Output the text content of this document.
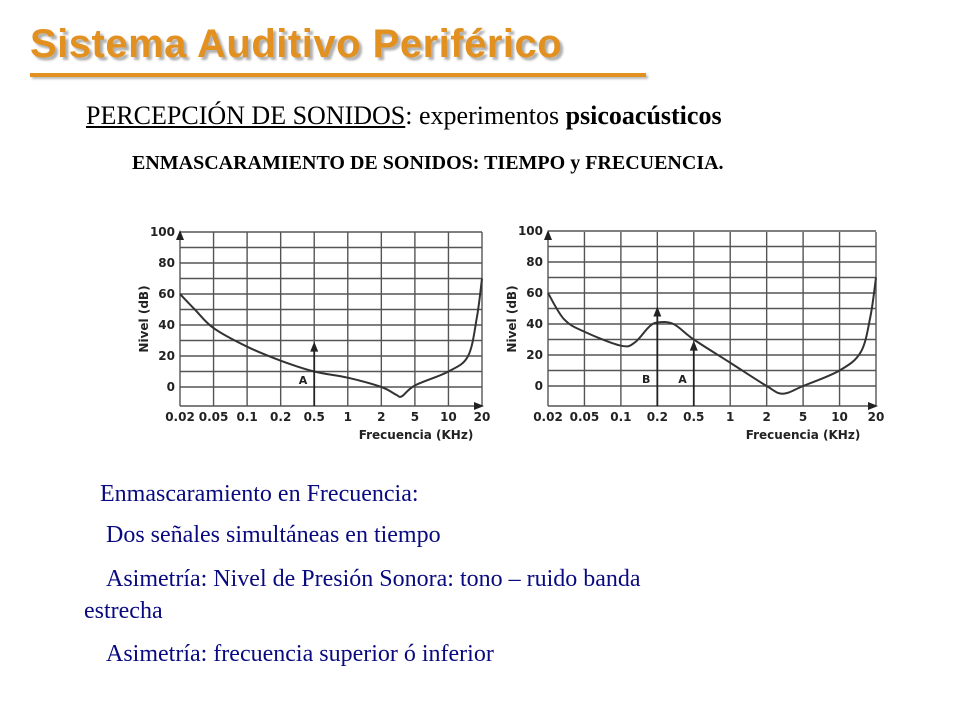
Sistema Auditivo Periférico
PERCEPCIÓN DE SONIDOS: experimentos psicoacústicos
ENMASCARAMIENTO DE SONIDOS: TIEMPO y FRECUENCIA.
0
20
40
60
80
100
0.02 0.05 0.1 0.2 0.5 1 2 5 10 20
Nivel (dB)
Frecuencia (KHz)
A	0
20
40
60
80
100
0.02 0.05 0.1 0.2 0.5 1 2 5 10 20
Nivel (dB)
Frecuencia (KHz)
B	A
Enmascaramiento en Frecuencia:
Dos señales simultáneas en tiempo
Asimetría: Nivel de Presión Sonora: tono – ruido banda
estrecha
Asimetría: frecuencia superior ó inferior
